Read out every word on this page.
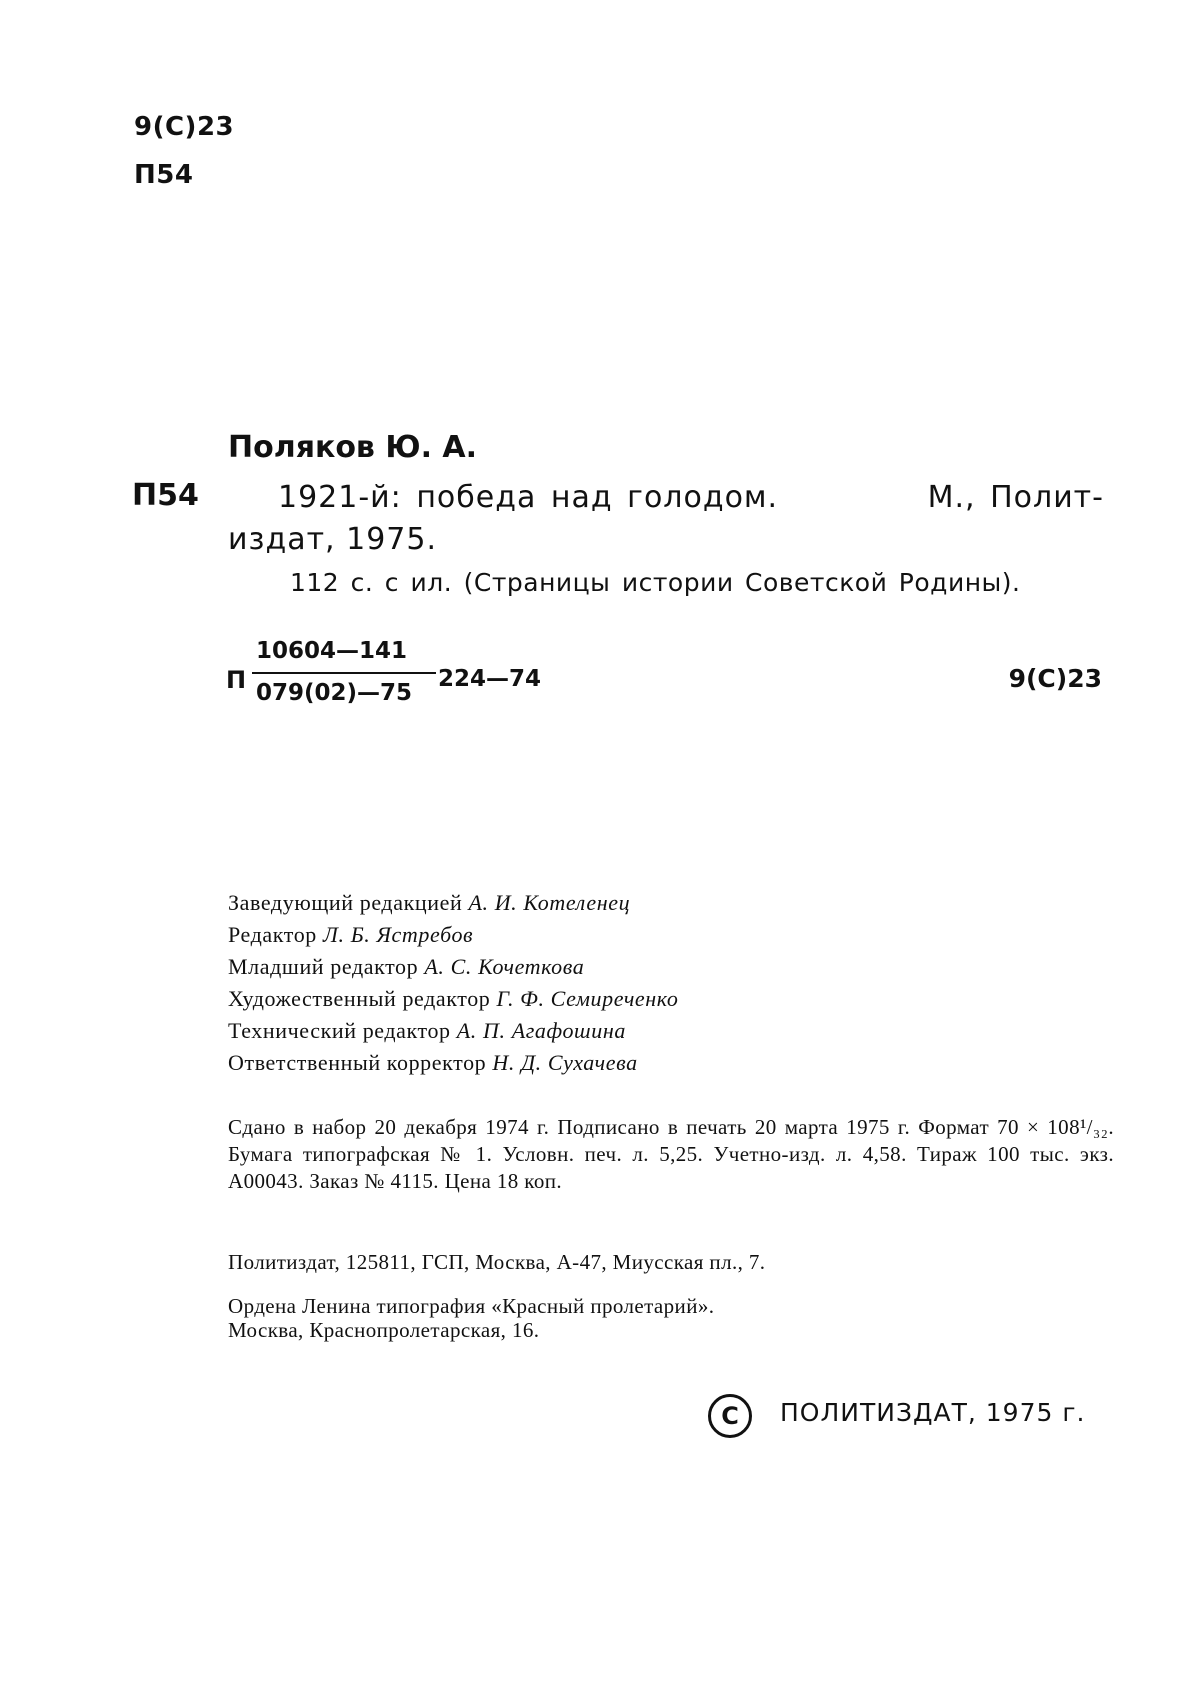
9(С)23
П54
Поляков Ю. А.
П54	1921-й: победа над голодом.	М., Полит-
издат, 1975.
112 с. с ил. (Страницы истории Советской Родины).
П
10604—141
079(02)—75
224—74	9(С)23
Заведующий редакцией А. И. Котеленец
Редактор Л. Б. Ястребов
Младший редактор А. С. Кочеткова
Художественный редактор Г. Ф. Семиреченко
Технический редактор А. П. Агафошина
Ответственный корректор Н. Д. Сухачева
Сдано в набор 20 декабря 1974 г. Подписано в печать 20 марта 1975 г. Формат 70 × 108¹/₃₂. Бумага типографская № 1. Условн. печ. л. 5,25. Учетно-изд. л. 4,58. Тираж 100 тыс. экз. А00043. Заказ № 4115. Цена 18 коп.
Политиздат, 125811, ГСП, Москва, А-47, Миусская пл., 7.
Ордена Ленина типография «Красный пролетарий».
Москва, Краснопролетарская, 16.
С	ПОЛИТИЗДАТ, 1975 г.
